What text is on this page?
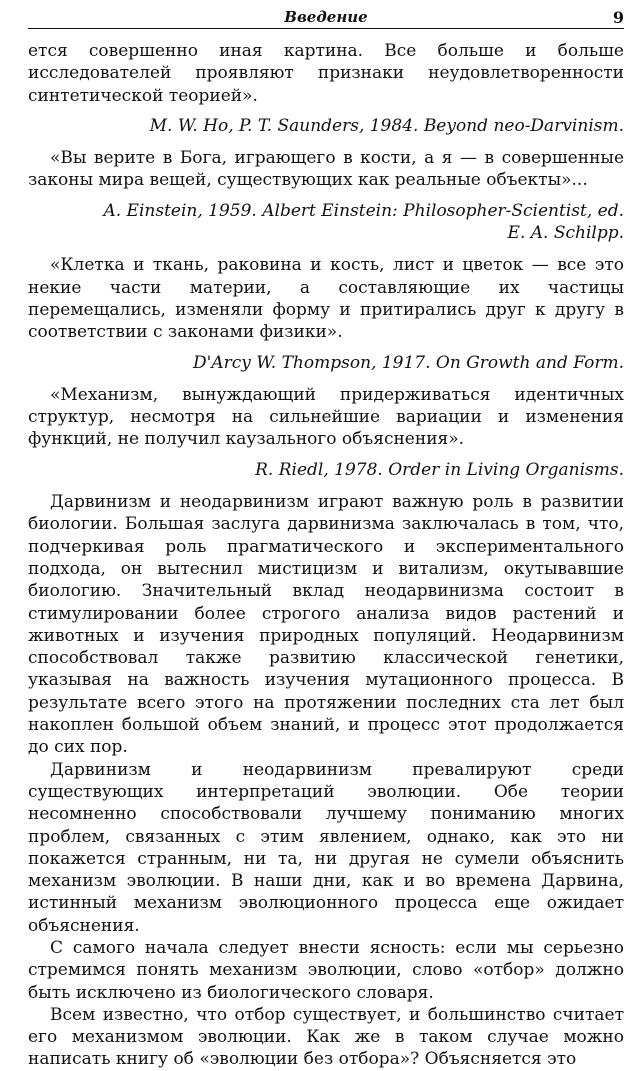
Введение	9

ется совершенно иная картина. Все больше и больше исследователей проявляют признаки неудовлетворенности синтетической теорией».

M. W. Ho, P. T. Saunders, 1984. Beyond neo-Darvinism.

«Вы верите в Бога, играющего в кости, а я — в совершенные законы мира вещей, существующих как реальные объекты»...

A. Einstein, 1959. Albert Einstein: Philosopher-Scientist, ed.
E. A. Schilpp.

«Клетка и ткань, раковина и кость, лист и цветок — все это некие части материи, а составляющие их частицы перемещались, изменяли форму и притирались друг к другу в соответствии с законами физики».

D'Arcy W. Thompson, 1917. On Growth and Form.

«Механизм, вынуждающий придерживаться идентичных структур, несмотря на сильнейшие вариации и изменения функций, не получил каузального объяснения».

R. Riedl, 1978. Order in Living Organisms.

Дарвинизм и неодарвинизм играют важную роль в развитии биологии. Большая заслуга дарвинизма заключалась в том, что, подчеркивая роль прагматического и экспериментального подхода, он вытеснил мистицизм и витализм, окутывавшие биологию. Значительный вклад неодарвинизма состоит в стимулировании более строгого анализа видов растений и животных и изучения природных популяций. Неодарвинизм способствовал также развитию классической генетики, указывая на важность изучения мутационного процесса. В результате всего этого на протяжении последних ста лет был накоплен большой объем знаний, и процесс этот продолжается до сих пор.

Дарвинизм и неодарвинизм превалируют среди существующих интерпретаций эволюции. Обе теории несомненно способствовали лучшему пониманию многих проблем, связанных с этим явлением, однако, как это ни покажется странным, ни та, ни другая не сумели объяснить механизм эволюции. В наши дни, как и во времена Дарвина, истинный механизм эволюционного процесса еще ожидает объяснения.

С самого начала следует внести ясность: если мы серьезно стремимся понять механизм эволюции, слово «отбор» должно быть исключено из биологического словаря.

Всем известно, что отбор существует, и большинство считает его механизмом эволюции. Как же в таком случае можно написать книгу об «эволюции без отбора»? Объясняется это
